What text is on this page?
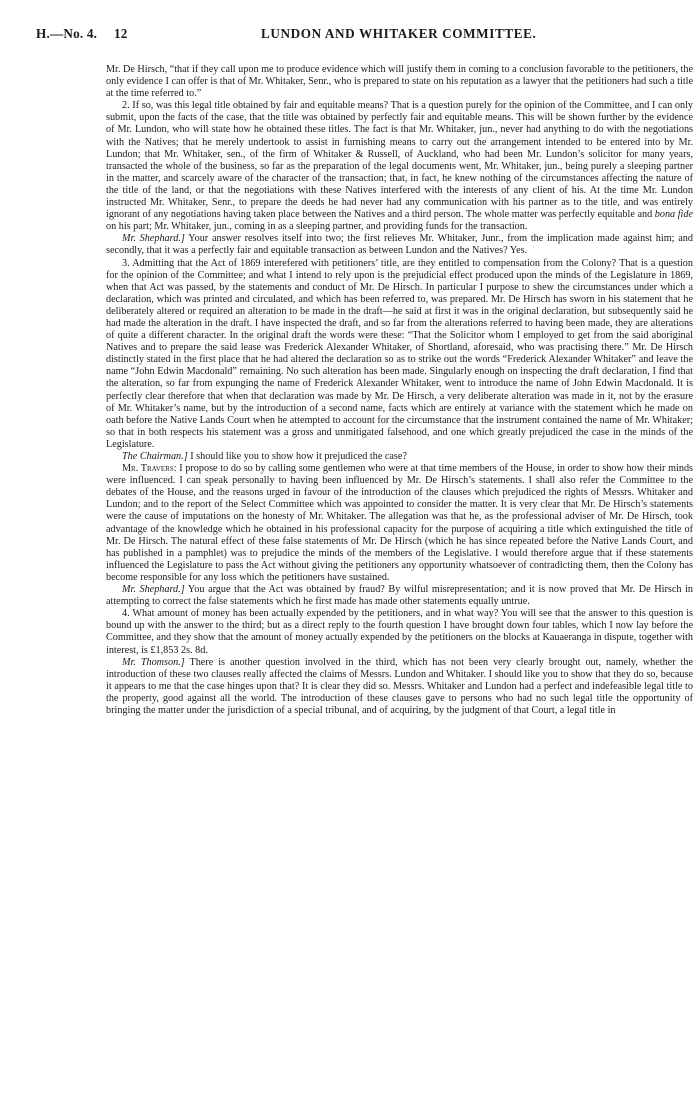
H.—No. 4. 12	LUNDON AND WHITAKER COMMITTEE.

Mr. De Hirsch, “that if they call upon me to produce evidence which will justify them in coming to a conclusion favorable to the petitioners, the only evidence I can offer is that of Mr. Whitaker, Senr., who is prepared to state on his reputation as a lawyer that the petitioners had such a title at the time referred to.”

2. If so, was this legal title obtained by fair and equitable means? That is a question purely for the opinion of the Committee, and I can only submit, upon the facts of the case, that the title was obtained by perfectly fair and equitable means. This will be shown further by the evidence of Mr. Lundon, who will state how he obtained these titles. The fact is that Mr. Whitaker, jun., never had anything to do with the negotiations with the Natives; that he merely undertook to assist in furnishing means to carry out the arrangement intended to be entered into by Mr. Lundon; that Mr. Whitaker, sen., of the firm of Whitaker & Russell, of Auckland, who had been Mr. Lundon’s solicitor for many years, transacted the whole of the business, so far as the preparation of the legal documents went, Mr. Whitaker, jun., being purely a sleeping partner in the matter, and scarcely aware of the character of the transaction; that, in fact, he knew nothing of the circumstances affecting the nature of the title of the land, or that the negotiations with these Natives interfered with the interests of any client of his. At the time Mr. Lundon instructed Mr. Whitaker, Senr., to prepare the deeds he had never had any communication with his partner as to the title, and was entirely ignorant of any negotiations having taken place between the Natives and a third person. The whole matter was perfectly equitable and bona fide on his part; Mr. Whitaker, jun., coming in as a sleeping partner, and providing funds for the transaction.

Mr. Shephard.] Your answer resolves itself into two; the first relieves Mr. Whitaker, Junr., from the implication made against him; and secondly, that it was a perfectly fair and equitable transaction as between Lundon and the Natives? Yes.

3. Admitting that the Act of 1869 interefered with petitioners’ title, are they entitled to compensation from the Colony? That is a question for the opinion of the Committee; and what I intend to rely upon is the prejudicial effect produced upon the minds of the Legislature in 1869, when that Act was passed, by the statements and conduct of Mr. De Hirsch. In particular I purpose to shew the circumstances under which a declaration, which was printed and circulated, and which has been referred to, was prepared. Mr. De Hirsch has sworn in his statement that he deliberately altered or required an alteration to be made in the draft—he said at first it was in the original declaration, but subsequently said he had made the alteration in the draft. I have inspected the draft, and so far from the alterations referred to having been made, they are alterations of quite a different character. In the original draft the words were these: “That the Solicitor whom I employed to get from the said aboriginal Natives and to prepare the said lease was Frederick Alexander Whitaker, of Shortland, aforesaid, who was practising there.” Mr. De Hirsch distinctly stated in the first place that he had altered the declaration so as to strike out the words “Frederick Alexander Whitaker” and leave the name “John Edwin Macdonald” remaining. No such alteration has been made. Singularly enough on inspecting the draft declaration, I find that the alteration, so far from expunging the name of Frederick Alexander Whitaker, went to introduce the name of John Edwin Macdonald. It is perfectly clear therefore that when that declaration was made by Mr. De Hirsch, a very deliberate alteration was made in it, not by the erasure of Mr. Whitaker’s name, but by the introduction of a second name, facts which are entirely at variance with the statement which he made on oath before the Native Lands Court when he attempted to account for the circumstance that the instrument contained the name of Mr. Whitaker; so that in both respects his statement was a gross and unmitigated falsehood, and one which greatly prejudiced the case in the minds of the Legislature.

The Chairman.] I should like you to show how it prejudiced the case?

Mr. Travers: I propose to do so by calling some gentlemen who were at that time members of the House, in order to show how their minds were influenced. I can speak personally to having been influenced by Mr. De Hirsch’s statements. I shall also refer the Committee to the debates of the House, and the reasons urged in favour of the introduction of the clauses which prejudiced the rights of Messrs. Whitaker and Lundon; and to the report of the Select Committee which was appointed to consider the matter. It is very clear that Mr. De Hirsch’s statements were the cause of imputations on the honesty of Mr. Whitaker. The allegation was that he, as the professional adviser of Mr. De Hirsch, took advantage of the knowledge which he obtained in his professional capacity for the purpose of acquiring a title which extinguished the title of Mr. De Hirsch. The natural effect of these false statements of Mr. De Hirsch (which he has since repeated before the Native Lands Court, and has published in a pamphlet) was to prejudice the minds of the members of the Legislative. I would therefore argue that if these statements influenced the Legislature to pass the Act without giving the petitioners any opportunity whatsoever of contradicting them, then the Colony has become responsible for any loss which the petitioners have sustained.

Mr. Shephard.] You argue that the Act was obtained by fraud? By wilful misrepresentation; and it is now proved that Mr. De Hirsch in attempting to correct the false statements which he first made has made other statements equally untrue.

4. What amount of money has been actually expended by the petitioners, and in what way? You will see that the answer to this question is bound up with the answer to the third; but as a direct reply to the fourth question I have brought down four tables, which I now lay before the Committee, and they show that the amount of money actually expended by the petitioners on the blocks at Kauaeranga in dispute, together with interest, is £1,853 2s. 8d.

Mr. Thomson.] There is another question involved in the third, which has not been very clearly brought out, namely, whether the introduction of these two clauses really affected the claims of Messrs. Lundon and Whitaker. I should like you to show that they do so, because it appears to me that the case hinges upon that? It is clear they did so. Messrs. Whitaker and Lundon had a perfect and indefeasible legal title to the property, good against all the world. The introduction of these clauses gave to persons who had no such legal title the opportunity of bringing the matter under the jurisdiction of a special tribunal, and of acquiring, by the judgment of that Court, a legal title in
